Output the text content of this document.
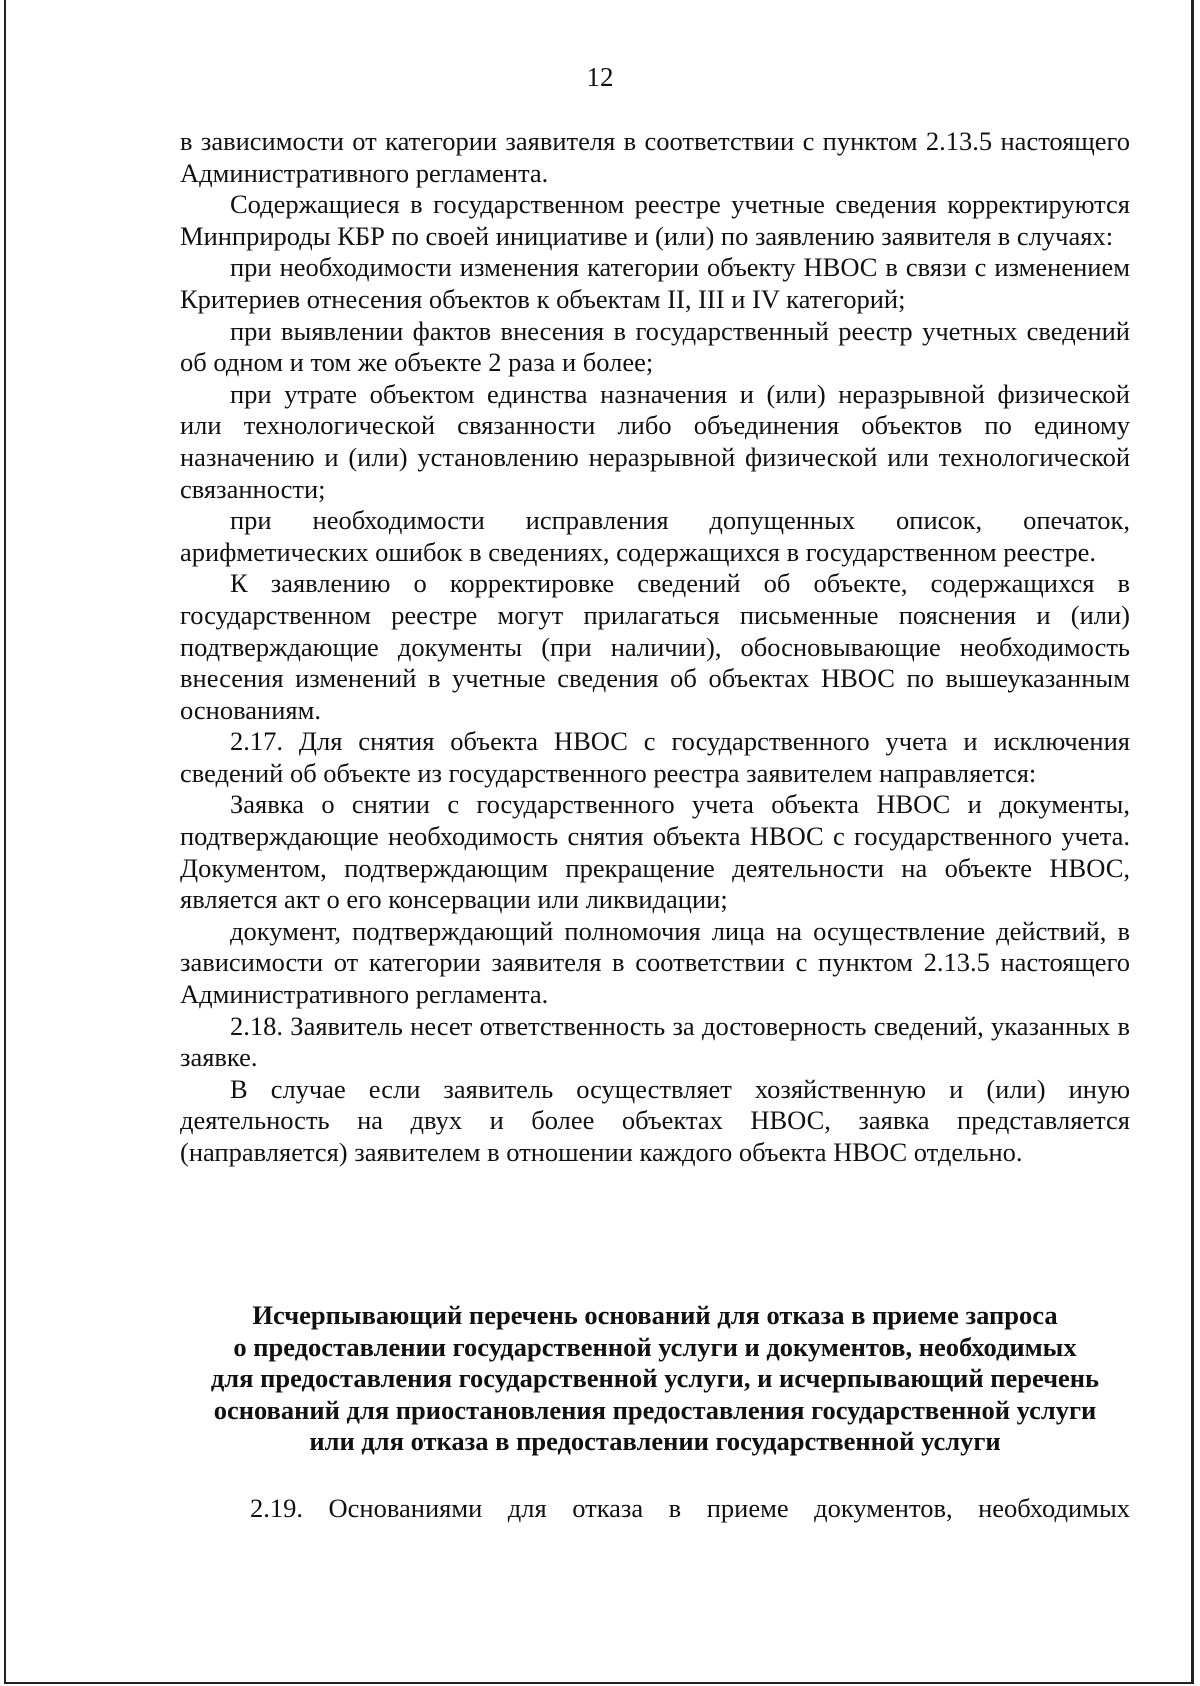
12

в зависимости от категории заявителя в соответствии с пунктом 2.13.5 настоящего Административного регламента.

Содержащиеся в государственном реестре учетные сведения корректируются Минприроды КБР по своей инициативе и (или) по заявлению заявителя в случаях:

при необходимости изменения категории объекту НВОС в связи с изменением Критериев отнесения объектов к объектам II, III и IV категорий;

при выявлении фактов внесения в государственный реестр учетных сведений об одном и том же объекте 2 раза и более;

при утрате объектом единства назначения и (или) неразрывной физической или технологической связанности либо объединения объектов по единому назначению и (или) установлению неразрывной физической или технологической связанности;

при необходимости исправления допущенных описок, опечаток, арифметических ошибок в сведениях, содержащихся в государственном реестре.

К заявлению о корректировке сведений об объекте, содержащихся в государственном реестре могут прилагаться письменные пояснения и (или) подтверждающие документы (при наличии), обосновывающие необходимость внесения изменений в учетные сведения об объектах НВОС по вышеуказанным основаниям.

2.17. Для снятия объекта НВОС с государственного учета и исключения сведений об объекте из государственного реестра заявителем направляется:

Заявка о снятии с государственного учета объекта НВОС и документы, подтверждающие необходимость снятия объекта НВОС с государственного учета. Документом, подтверждающим прекращение деятельности на объекте НВОС, является акт о его консервации или ликвидации;

документ, подтверждающий полномочия лица на осуществление действий, в зависимости от категории заявителя в соответствии с пунктом 2.13.5 настоящего Административного регламента.

2.18. Заявитель несет ответственность за достоверность сведений, указанных в заявке.

В случае если заявитель осуществляет хозяйственную и (или) иную деятельность на двух и более объектах НВОС, заявка представляется (направляется) заявителем в отношении каждого объекта НВОС отдельно.

Исчерпывающий перечень оснований для отказа в приеме запроса
о предоставлении государственной услуги и документов, необходимых
для предоставления государственной услуги, и исчерпывающий перечень
оснований для приостановления предоставления государственной услуги
или для отказа в предоставлении государственной услуги
2.19. Основаниями для отказа в приеме документов, необходимых
